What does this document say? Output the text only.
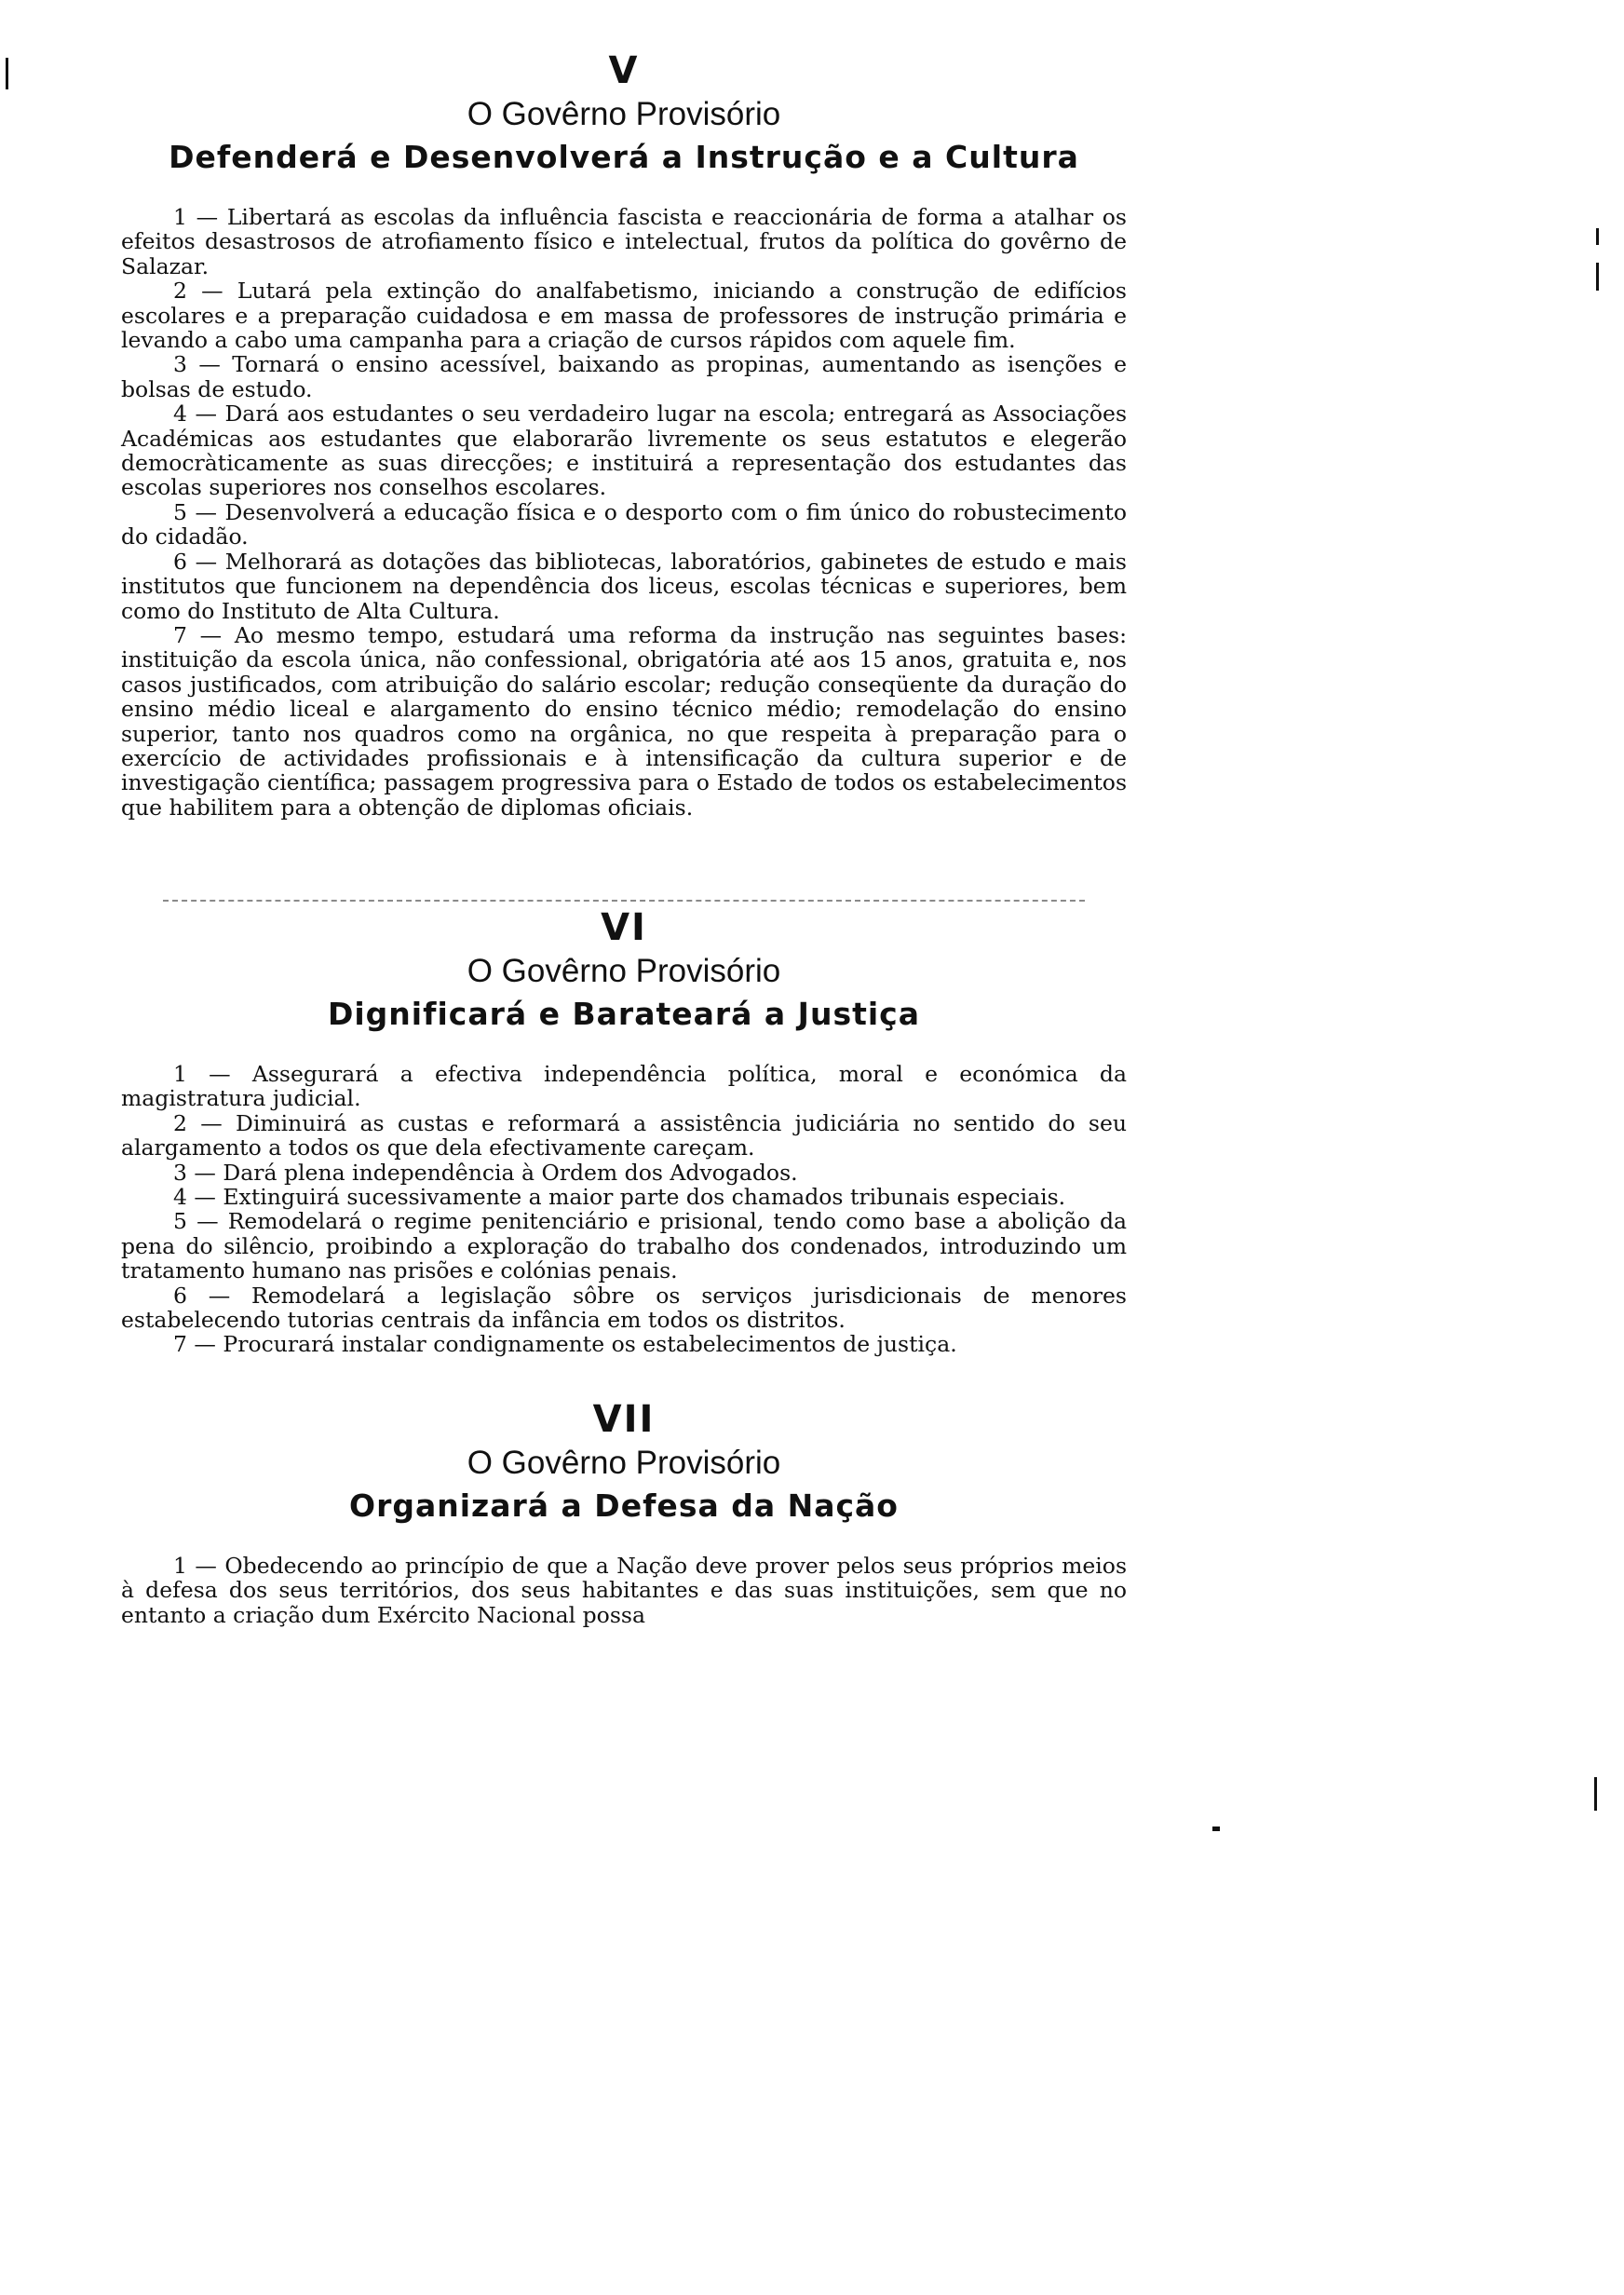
V
O Govêrno Provisório
Defenderá e Desenvolverá a Instrução e a Cultura

1 — Libertará as escolas da influência fascista e reaccionária de forma a atalhar os efeitos desastrosos de atrofiamento físico e intelectual, frutos da política do govêrno de Salazar.

2 — Lutará pela extinção do analfabetismo, iniciando a construção de edifícios escolares e a preparação cuidadosa e em massa de professores de instrução primária e levando a cabo uma campanha para a criação de cursos rápidos com aquele fim.

3 — Tornará o ensino acessível, baixando as propinas, aumentando as isenções e bolsas de estudo.

4 — Dará aos estudantes o seu verdadeiro lugar na escola; entregará as Associações Académicas aos estudantes que elaborarão livremente os seus estatutos e elegerão democràticamente as suas direcções; e instituirá a representação dos estudantes das escolas superiores nos conselhos escolares.

5 — Desenvolverá a educação física e o desporto com o fim único do robustecimento do cidadão.

6 — Melhorará as dotações das bibliotecas, laboratórios, gabinetes de estudo e mais institutos que funcionem na dependência dos liceus, escolas técnicas e superiores, bem como do Instituto de Alta Cultura.

7 — Ao mesmo tempo, estudará uma reforma da instrução nas seguintes bases: instituição da escola única, não confessional, obrigatória até aos 15 anos, gratuita e, nos casos justificados, com atribuição do salário escolar; redução conseqüente da duração do ensino médio liceal e alargamento do ensino técnico médio; remodelação do ensino superior, tanto nos quadros como na orgânica, no que respeita à preparação para o exercício de actividades profissionais e à intensificação da cultura superior e de investigação científica; passagem progressiva para o Estado de todos os estabelecimentos que habilitem para a obtenção de diplomas oficiais.

VI
O Govêrno Provisório
Dignificará e Barateará a Justiça

1 — Assegurará a efectiva independência política, moral e económica da magistratura judicial.

2 — Diminuirá as custas e reformará a assistência judiciária no sentido do seu alargamento a todos os que dela efectivamente careçam.

3 — Dará plena independência à Ordem dos Advogados.

4 — Extinguirá sucessivamente a maior parte dos chamados tribunais especiais.

5 — Remodelará o regime penitenciário e prisional, tendo como base a abolição da pena do silêncio, proibindo a exploração do trabalho dos condenados, introduzindo um tratamento humano nas prisões e colónias penais.

6 — Remodelará a legislação sôbre os serviços jurisdicionais de menores estabelecendo tutorias centrais da infância em todos os distritos.

7 — Procurará instalar condignamente os estabelecimentos de justiça.

VII
O Govêrno Provisório
Organizará a Defesa da Nação

1 — Obedecendo ao princípio de que a Nação deve prover pelos seus próprios meios à defesa dos seus territórios, dos seus habitantes e das suas instituições, sem que no entanto a criação dum Exército Nacional possa
